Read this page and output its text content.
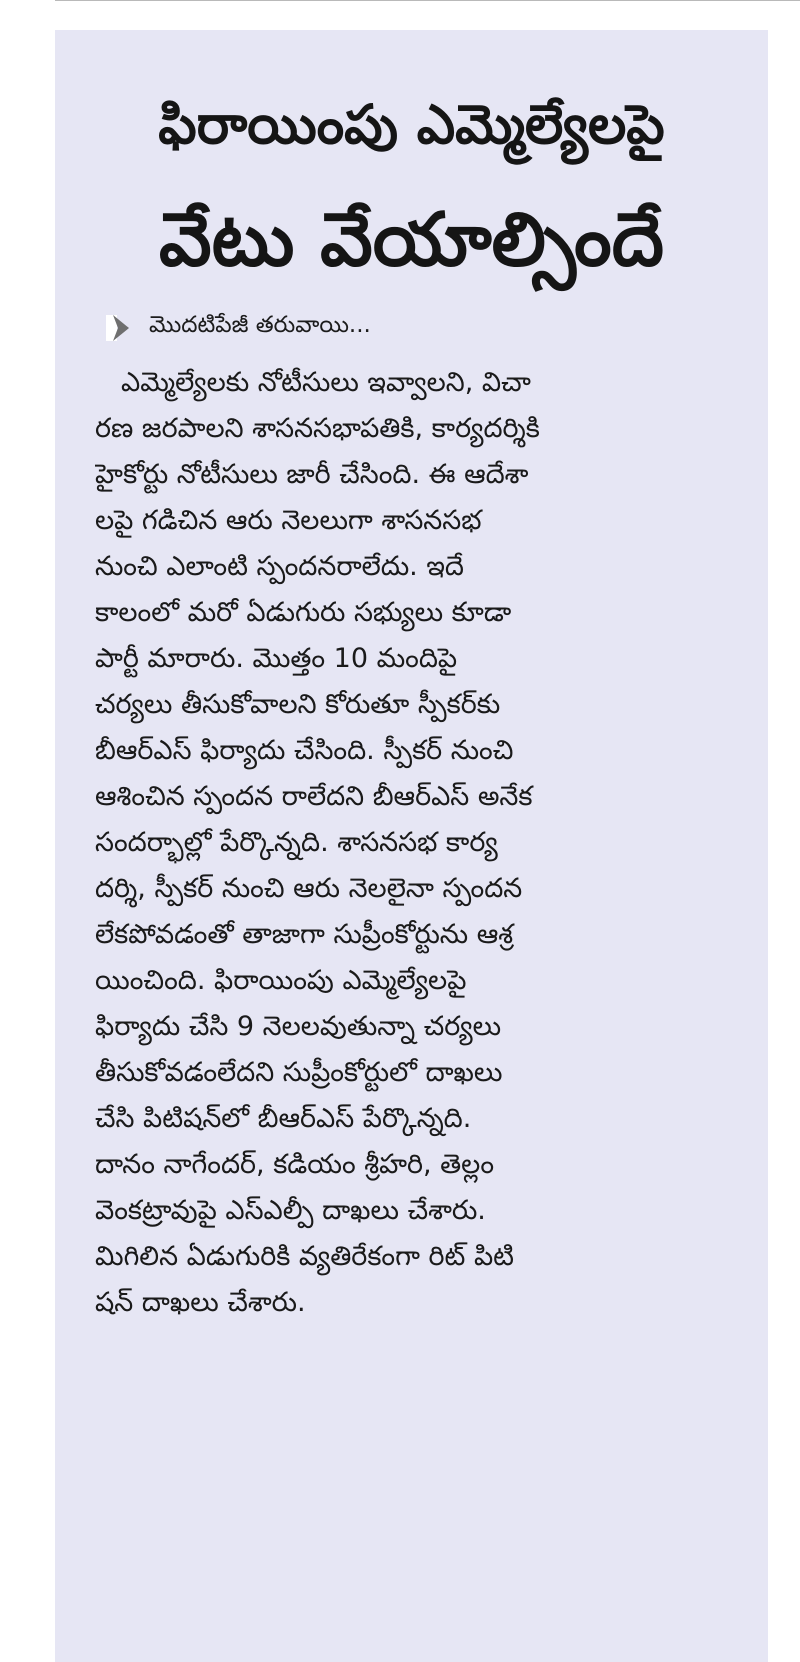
ఫిరాయింపు ఎమ్మెల్యేలపై
వేటు వేయాల్సిందే
మొదటిపేజీ తరువాయి...
ఎమ్మెల్యేలకు నోటీసులు ఇవ్వాలని, విచా
రణ జరపాలని శాసనసభాపతికి, కార్యదర్శికి
హైకోర్టు నోటీసులు జారీ చేసింది. ఈ ఆదేశా
లపై గడిచిన ఆరు నెలలుగా శాసనసభ
నుంచి ఎలాంటి స్పందనరాలేదు. ఇదే
కాలంలో మరో ఏడుగురు సభ్యులు కూడా
పార్టీ మారారు. మొత్తం 10 మందిపై
చర్యలు తీసుకోవాలని కోరుతూ స్పీకర్‌కు
బీఆర్ఎస్ ఫిర్యాదు చేసింది. స్పీకర్ నుంచి
ఆశించిన స్పందన రాలేదని బీఆర్ఎస్ అనేక
సందర్భాల్లో పేర్కొన్నది. శాసనసభ కార్య
దర్శి, స్పీకర్ నుంచి ఆరు నెలలైనా స్పందన
లేకపోవడంతో తాజాగా సుప్రీంకోర్టును ఆశ్ర
యించింది. ఫిరాయింపు ఎమ్మెల్యేలపై
ఫిర్యాదు చేసి 9 నెలలవుతున్నా చర్యలు
తీసుకోవడంలేదని సుప్రీంకోర్టులో దాఖలు
చేసి పిటిషన్‌లో బీఆర్ఎస్ పేర్కొన్నది.
దానం నాగేందర్, కడియం శ్రీహరి, తెల్లం
వెంకట్రావుపై ఎస్ఎల్పీ దాఖలు చేశారు.
మిగిలిన ఏడుగురికి వ్యతిరేకంగా రిట్ పిటి
షన్ దాఖలు చేశారు.
